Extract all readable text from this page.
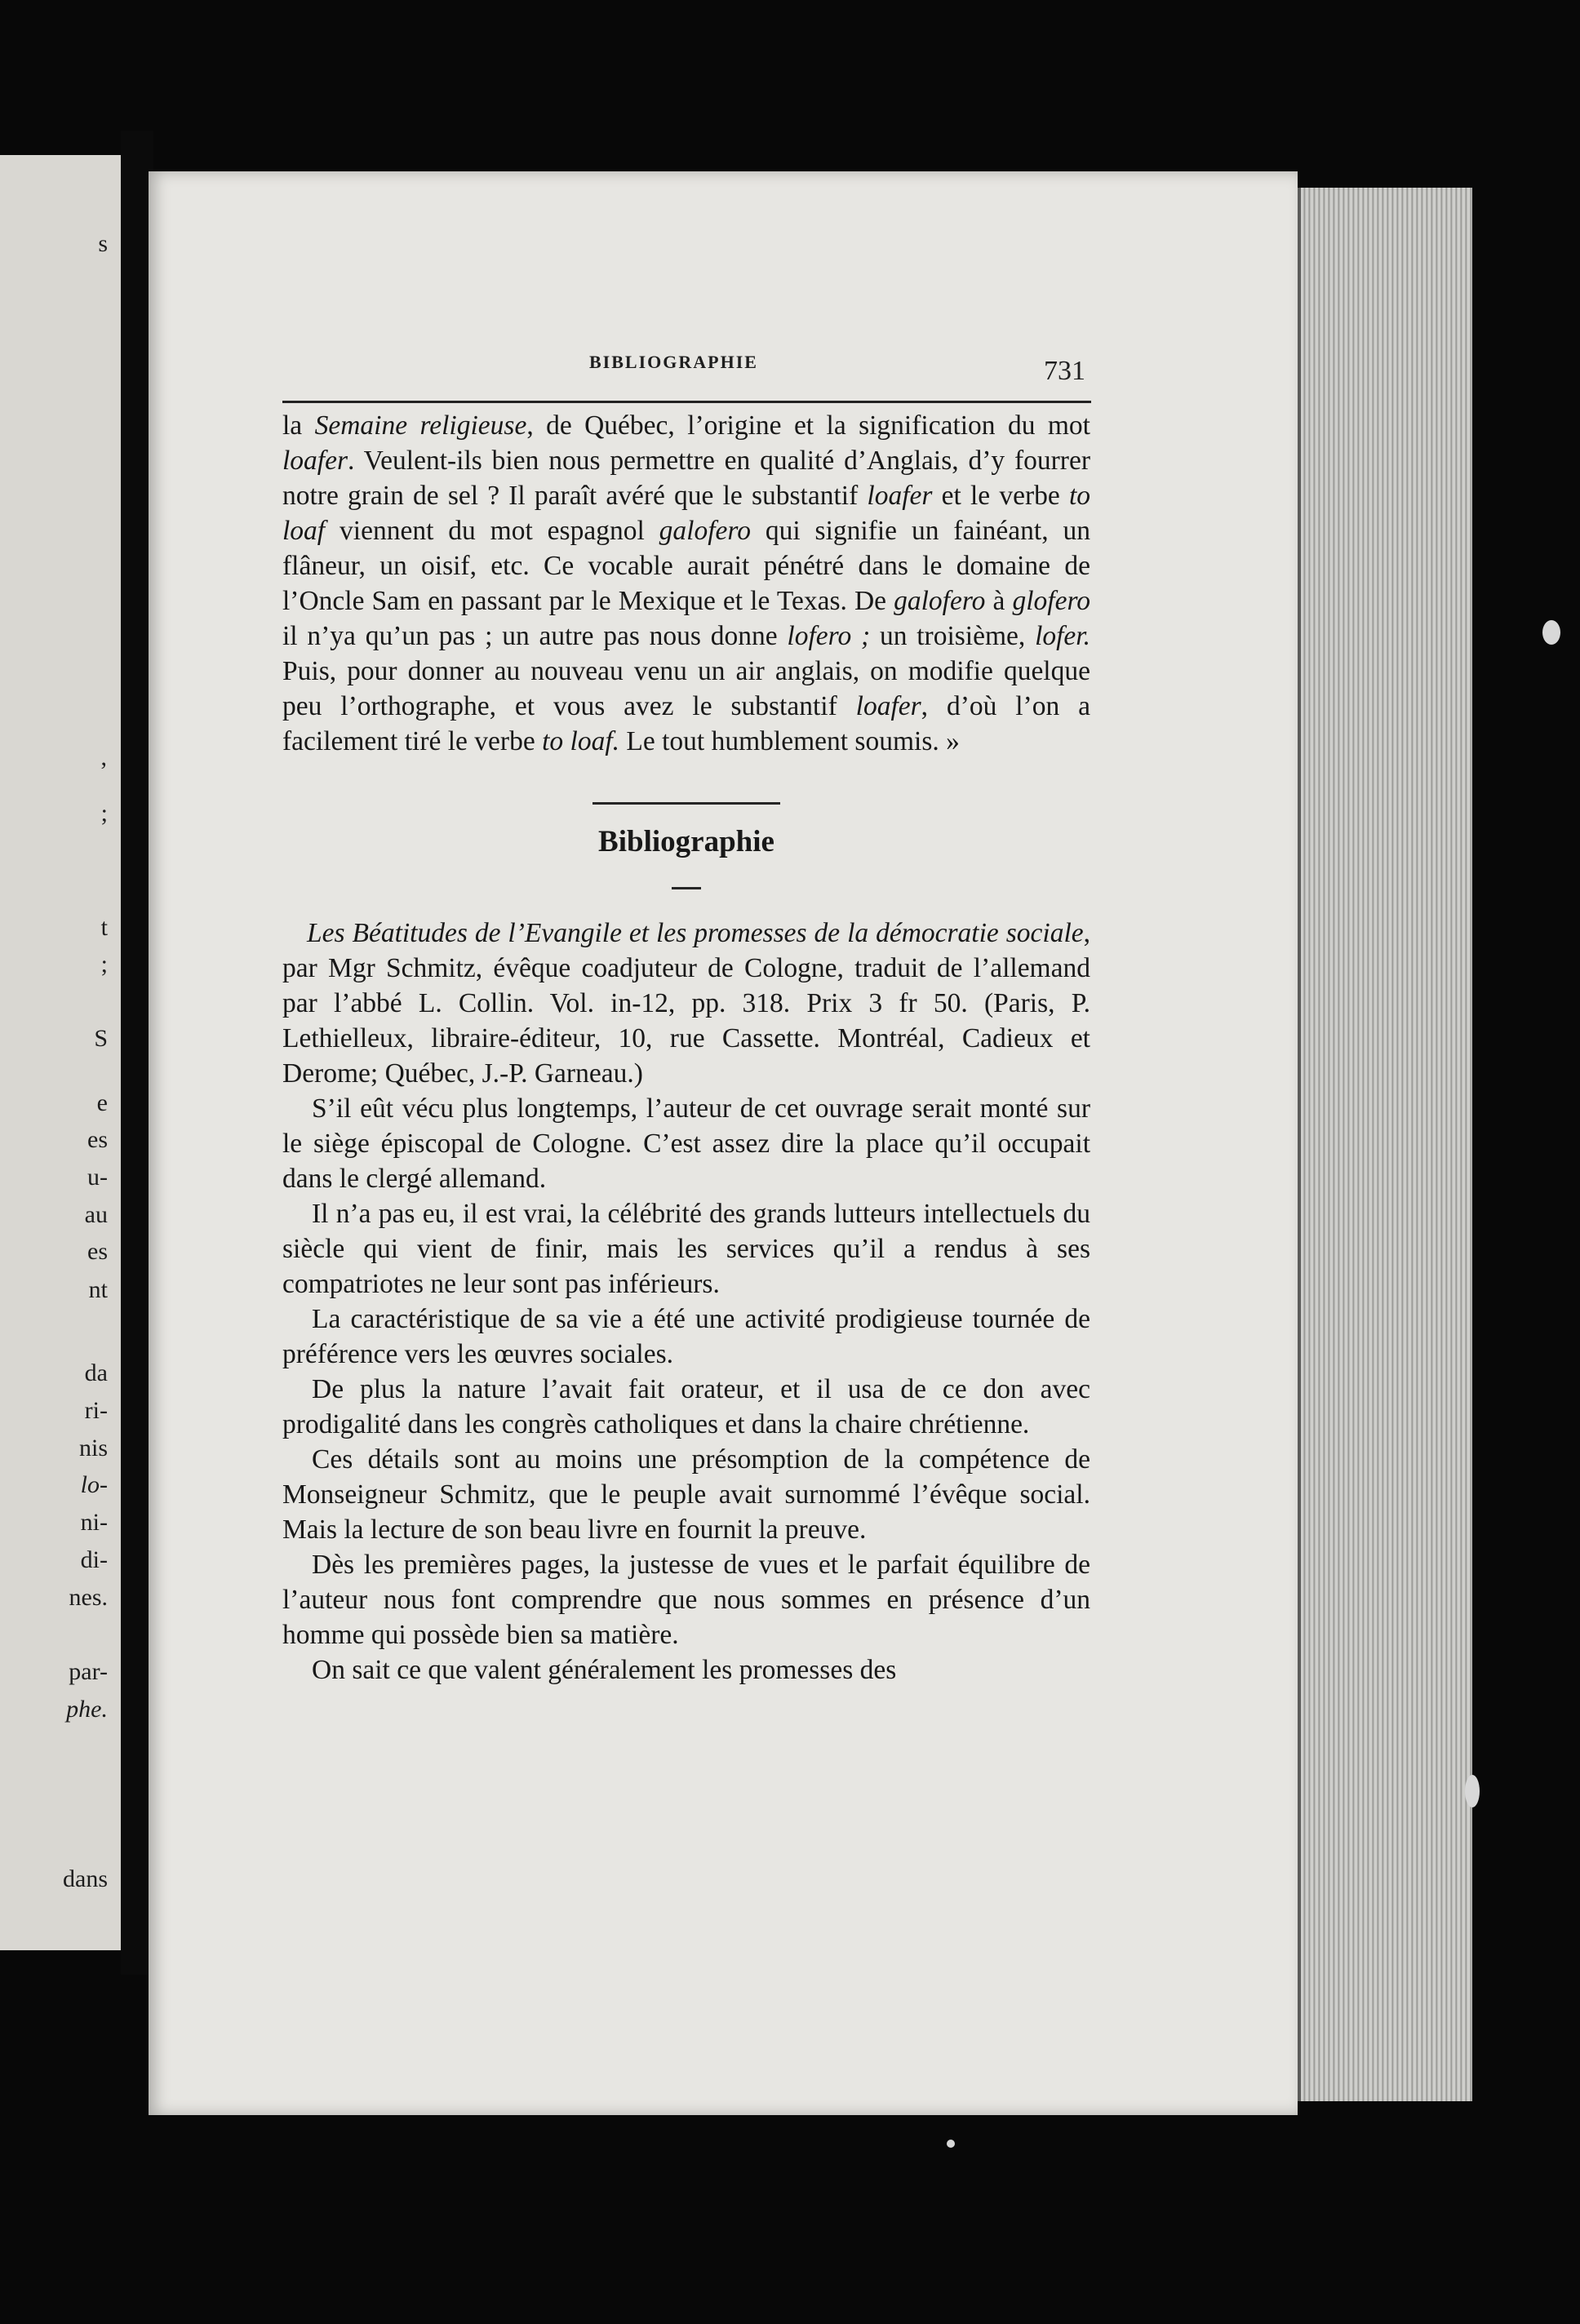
s
’
;
t
;
S
e
es
u-
au
es
nt
da
ri-
nis
lo-
ni-
di-
nes.
par-
phe.
dans
BIBLIOGRAPHIE	731

la Semaine religieuse, de Québec, l’origine et la signification du mot loafer. Veulent-ils bien nous permettre en qualité d’Anglais, d’y fourrer notre grain de sel ? Il paraît avéré que le substantif loafer et le verbe to loaf viennent du mot espagnol galofero qui signifie un fainéant, un flâneur, un oisif, etc. Ce vocable aurait pénétré dans le domaine de l’Oncle Sam en passant par le Mexique et le Texas. De galofero à glofero il n’ya qu’un pas ; un autre pas nous donne lofero ; un troisième, lofer. Puis, pour donner au nouveau venu un air anglais, on modifie quelque peu l’orthographe, et vous avez le substantif loafer, d’où l’on a facilement tiré le verbe to loaf. Le tout humblement soumis. »

Bibliographie

Les Béatitudes de l’Evangile et les promesses de la démocratie sociale, par Mgr Schmitz, évêque coadjuteur de Cologne, traduit de l’allemand par l’abbé L. Collin. Vol. in-12, pp. 318. Prix 3 fr 50. (Paris, P. Lethielleux, libraire-éditeur, 10, rue Cassette. Montréal, Cadieux et Derome; Québec, J.-P. Garneau.)

S’il eût vécu plus longtemps, l’auteur de cet ouvrage serait monté sur le siège épiscopal de Cologne. C’est assez dire la place qu’il occupait dans le clergé allemand.

Il n’a pas eu, il est vrai, la célébrité des grands lutteurs intellectuels du siècle qui vient de finir, mais les services qu’il a rendus à ses compatriotes ne leur sont pas inférieurs.

La caractéristique de sa vie a été une activité prodigieuse tournée de préférence vers les œuvres sociales.

De plus la nature l’avait fait orateur, et il usa de ce don avec prodigalité dans les congrès catholiques et dans la chaire chrétienne.

Ces détails sont au moins une présomption de la compétence de Monseigneur Schmitz, que le peuple avait surnommé l’évêque social. Mais la lecture de son beau livre en fournit la preuve.

Dès les premières pages, la justesse de vues et le parfait équilibre de l’auteur nous font comprendre que nous sommes en présence d’un homme qui possède bien sa matière.

On sait ce que valent généralement les promesses des
